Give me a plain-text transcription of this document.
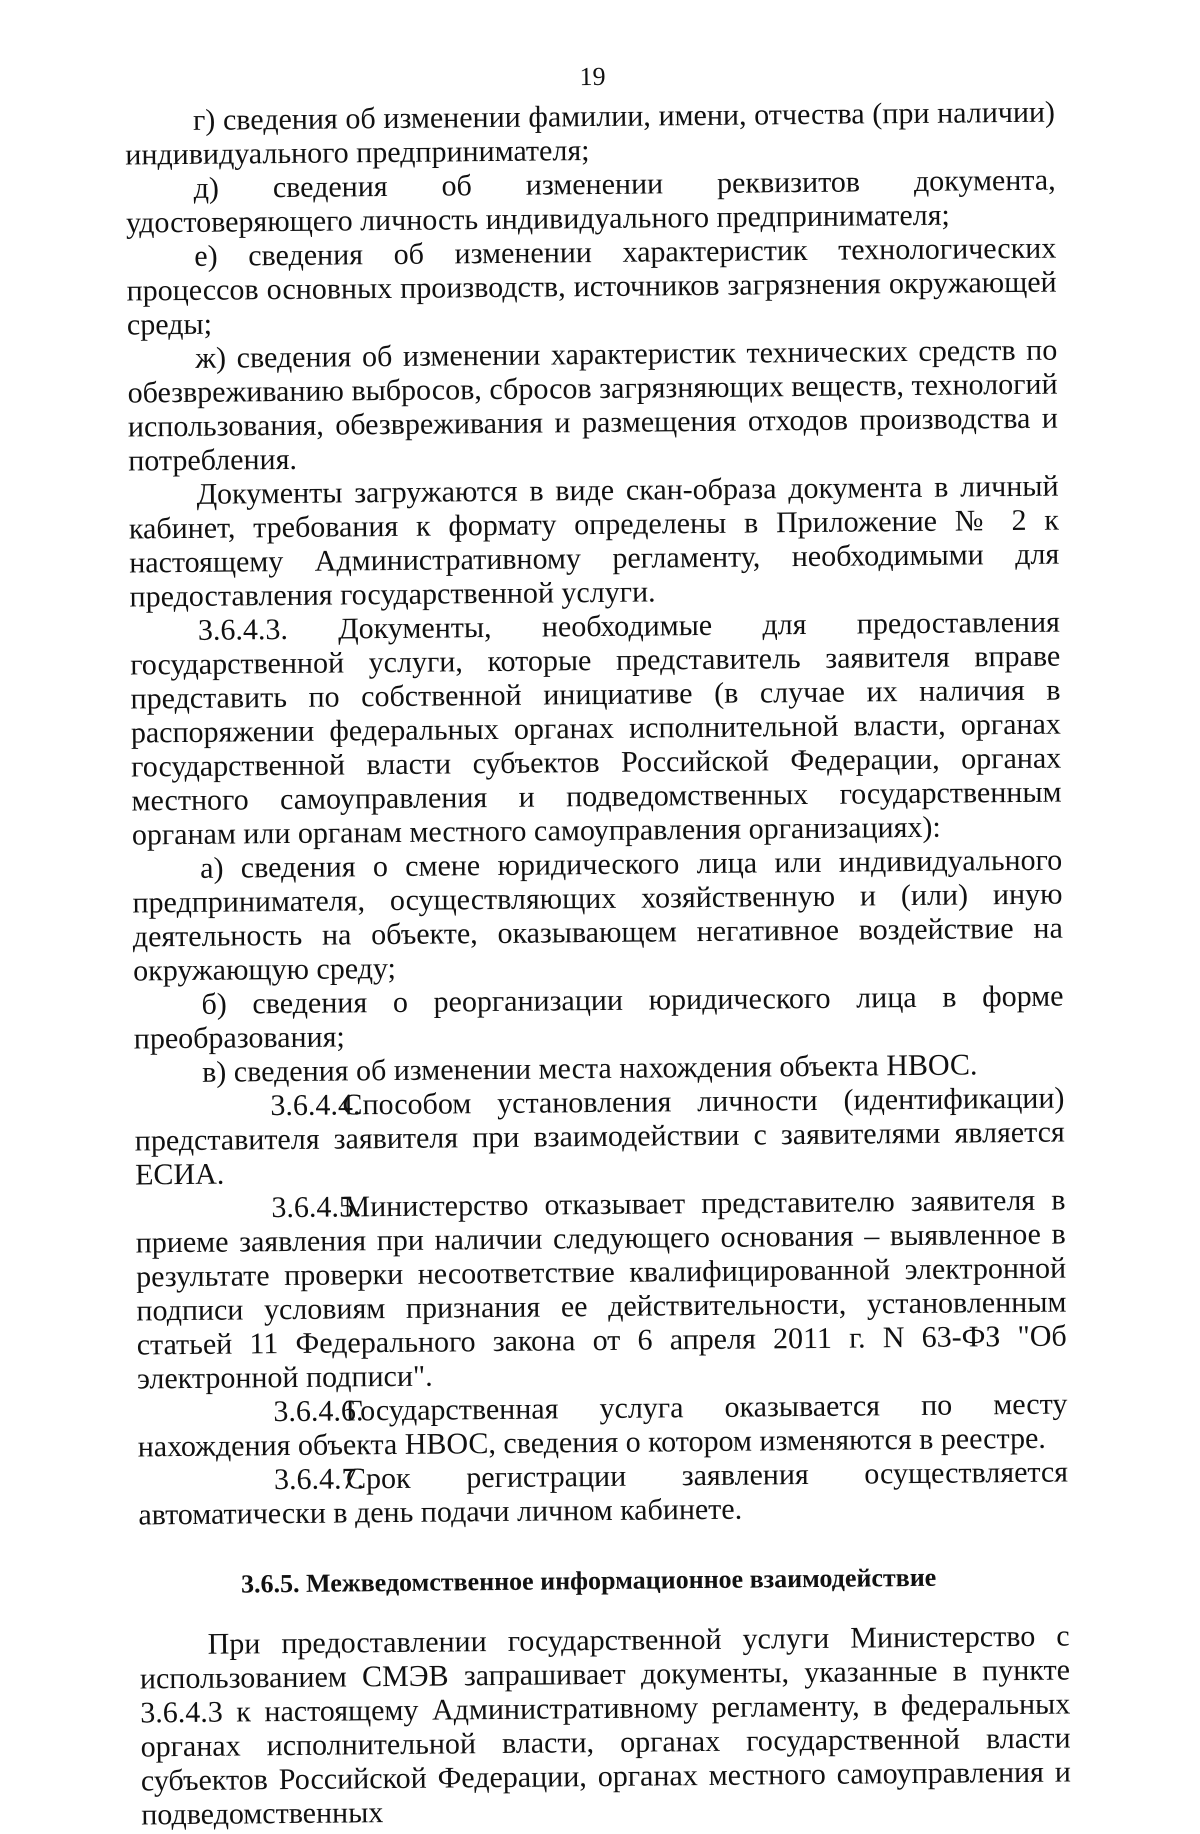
19

г) сведения об изменении фамилии, имени, отчества (при наличии) индивидуального предпринимателя;

д) сведения об изменении реквизитов документа, удостоверяющего личность индивидуального предпринимателя;

е) сведения об изменении характеристик технологических процессов основных производств, источников загрязнения окружающей среды;

ж) сведения об изменении характеристик технических средств по обезвреживанию выбросов, сбросов загрязняющих веществ, технологий использования, обезвреживания и размещения отходов производства и потребления.

Документы загружаются в виде скан-образа документа в личный кабинет, требования к формату определены в Приложение № 2 к настоящему Административному регламенту, необходимыми для предоставления государственной услуги.

3.6.4.3. Документы, необходимые для предоставления государственной услуги, которые представитель заявителя вправе представить по собственной инициативе (в случае их наличия в распоряжении федеральных органах исполнительной власти, органах государственной власти субъектов Российской Федерации, органах местного самоуправления и подведомственных государственным органам или органам местного самоуправления организациях):

а) сведения о смене юридического лица или индивидуального предпринимателя, осуществляющих хозяйственную и (или) иную деятельность на объекте, оказывающем негативное воздействие на окружающую среду;

б) сведения о реорганизации юридического лица в форме преобразования;

в) сведения об изменении места нахождения объекта НВОС.

3.6.4.4.Способом установления личности (идентификации) представителя заявителя при взаимодействии с заявителями является ЕСИА.

3.6.4.5.Министерство отказывает представителю заявителя в приеме заявления при наличии следующего основания – выявленное в результате проверки несоответствие квалифицированной электронной подписи условиям признания ее действительности, установленным статьей 11 Федерального закона от 6 апреля 2011 г. N 63-ФЗ "Об электронной подписи".

3.6.4.6.Государственная услуга оказывается по месту нахождения объекта НВОС, сведения о котором изменяются в реестре.

3.6.4.7.Срок регистрации заявления осуществляется автоматически в день подачи личном кабинете.

3.6.5. Межведомственное информационное взаимодействие

При предоставлении государственной услуги Министерство с использованием СМЭВ запрашивает документы, указанные в пункте 3.6.4.3 к настоящему Административному регламенту, в федеральных органах исполнительной власти, органах государственной власти субъектов Российской Федерации, органах местного самоуправления и подведомственных
